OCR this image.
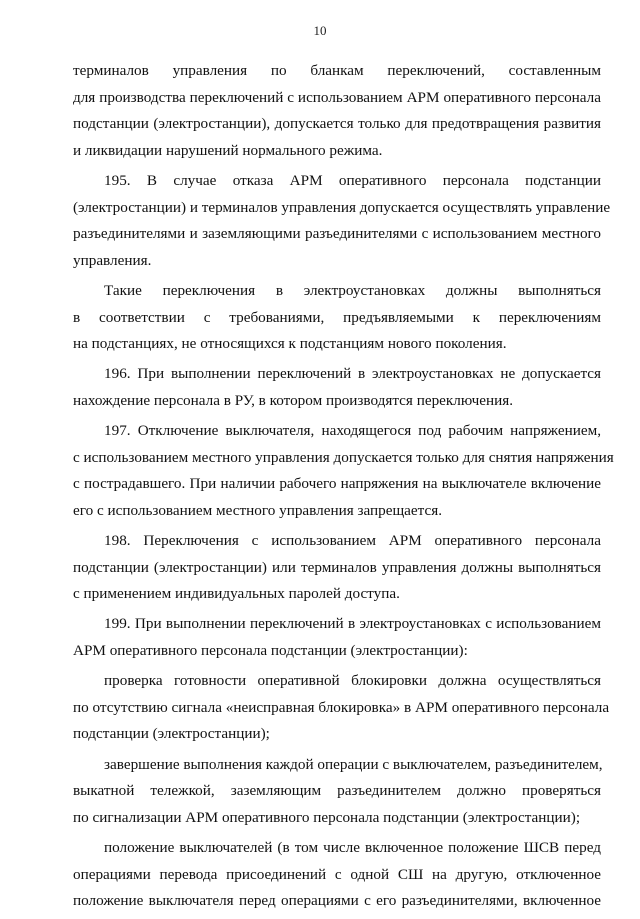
10

терминалов управления по бланкам переключений, составленным
для производства переключений с использованием АРМ оперативного персонала
подстанции (электростанции), допускается только для предотвращения развития
и ликвидации нарушений нормального режима.

195. В случае отказа АРМ оперативного персонала подстанции
(электростанции) и терминалов управления допускается осуществлять управление
разъединителями и заземляющими разъединителями с использованием местного
управления.

Такие переключения в электроустановках должны выполняться
в соответствии с требованиями, предъявляемыми к переключениям
на подстанциях, не относящихся к подстанциям нового поколения.

196. При выполнении переключений в электроустановках не допускается
нахождение персонала в РУ, в котором производятся переключения.

197. Отключение выключателя, находящегося под рабочим напряжением,
с использованием местного управления допускается только для снятия напряжения
с пострадавшего. При наличии рабочего напряжения на выключателе включение
его с использованием местного управления запрещается.

198. Переключения с использованием АРМ оперативного персонала
подстанции (электростанции) или терминалов управления должны выполняться
с применением индивидуальных паролей доступа.

199. При выполнении переключений в электроустановках с использованием
АРМ оперативного персонала подстанции (электростанции):

проверка готовности оперативной блокировки должна осуществляться
по отсутствию сигнала «неисправная блокировка» в АРМ оперативного персонала
подстанции (электростанции);

завершение выполнения каждой операции с выключателем, разъединителем,
выкатной тележкой, заземляющим разъединителем должно проверяться
по сигнализации АРМ оперативного персонала подстанции (электростанции);

положение выключателей (в том числе включенное положение ШСВ перед
операциями перевода присоединений с одной СШ на другую, отключенное
положение выключателя перед операциями с его разъединителями, включенное
